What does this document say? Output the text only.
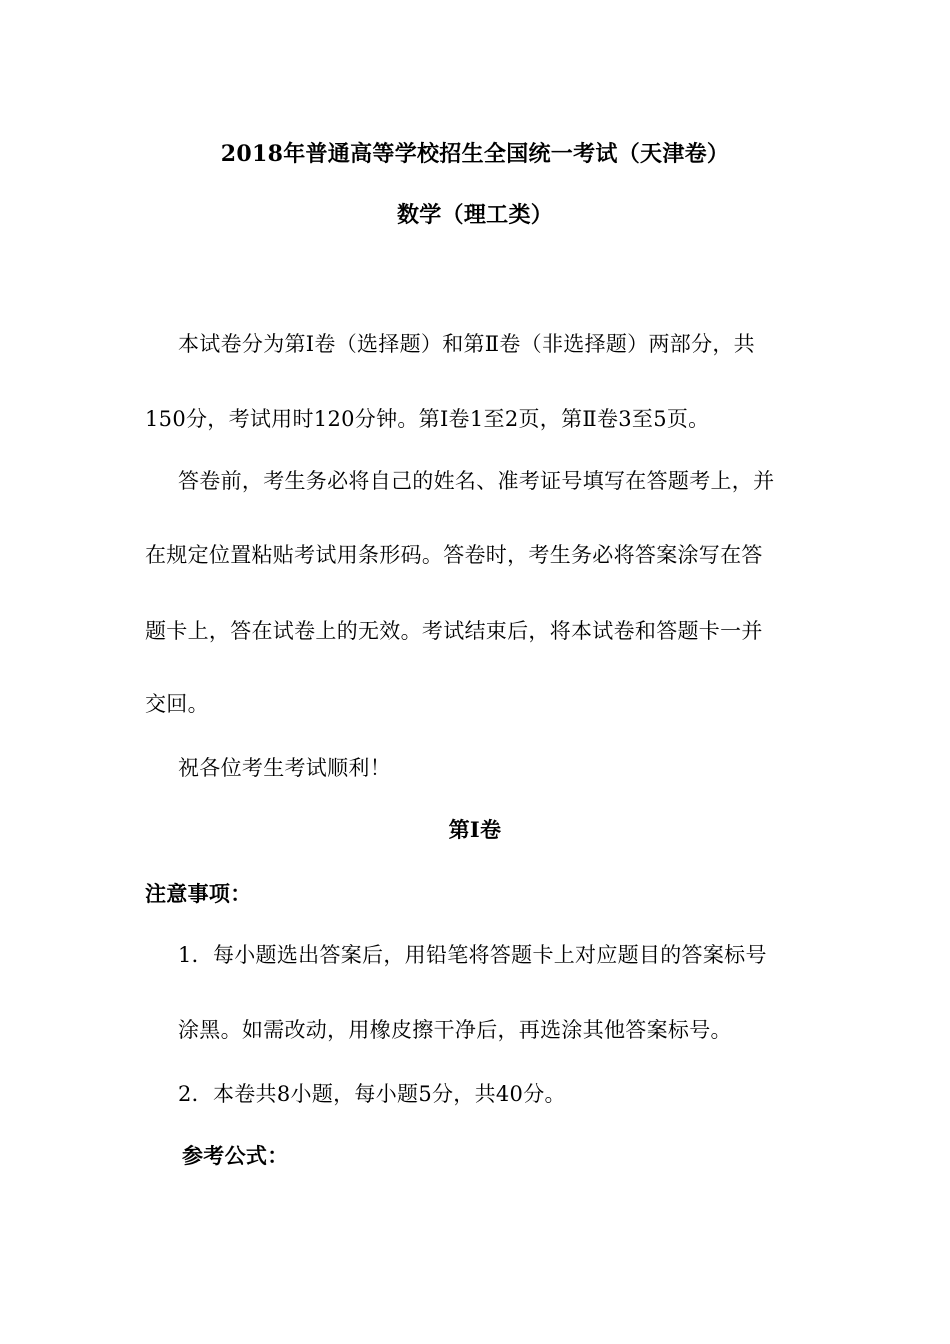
2018年普通高等学校招生全国统一考试（天津卷）
数学（理工类）
本试卷分为第Ⅰ卷（选择题）和第Ⅱ卷（非选择题）两部分，共
150分，考试用时120分钟。第Ⅰ卷1至2页，第Ⅱ卷3至5页。
答卷前，考生务必将自己的姓名、准考证号填写在答题考上，并
在规定位置粘贴考试用条形码。答卷时，考生务必将答案涂写在答
题卡上，答在试卷上的无效。考试结束后，将本试卷和答题卡一并
交回。
祝各位考生考试顺利！
第Ⅰ卷
注意事项：
1．每小题选出答案后，用铅笔将答题卡上对应题目的答案标号
涂黑。如需改动，用橡皮擦干净后，再选涂其他答案标号。
2．本卷共8小题，每小题5分，共40分。
参考公式：
